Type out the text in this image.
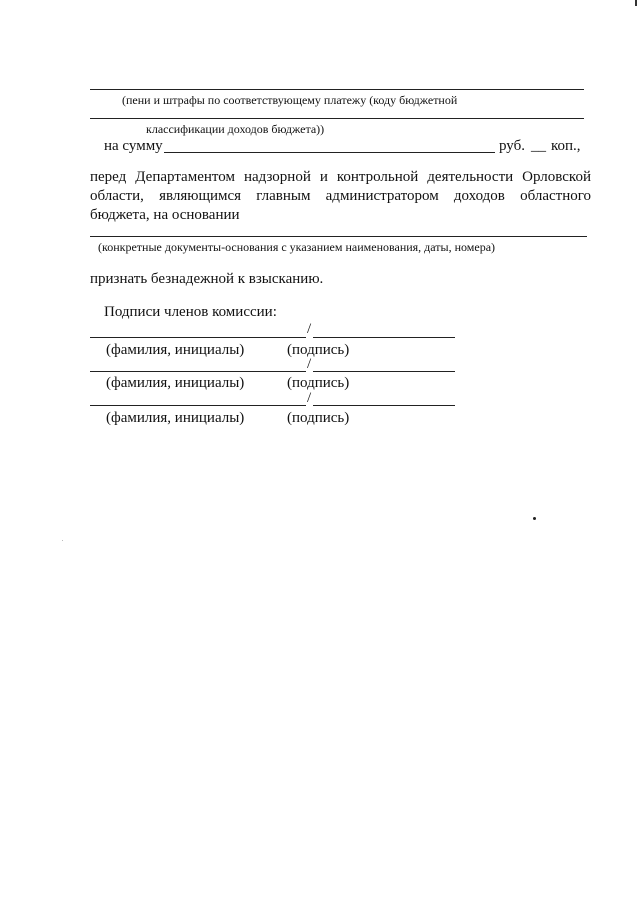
(пени и штрафы по соответствующему платежу (коду бюджетной
классификации доходов бюджета))
на сумму	руб. __ коп.,
перед Департаментом надзорной и контрольной деятельности Орловской
области, являющимся главным администратором доходов областного
бюджета, на основании
(конкретные документы-основания с указанием наименования, даты, номера)
признать безнадежной к взысканию.
Подписи членов комиссии:
/
(фамилия, инициалы)	(подпись)
/
(фамилия, инициалы)	(подпись)
/
(фамилия, инициалы)	(подпись)
